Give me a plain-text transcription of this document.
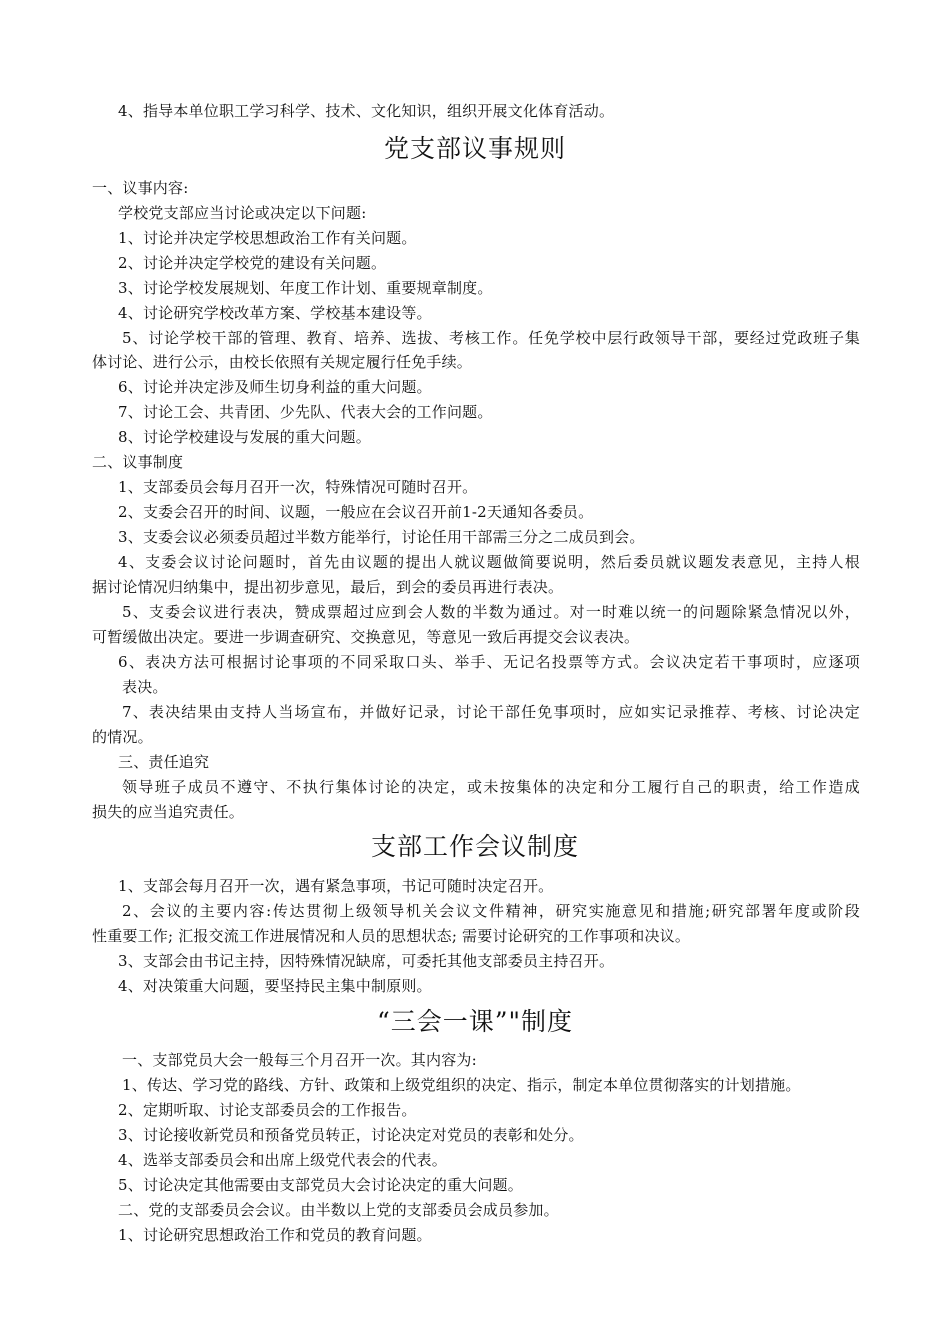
4、指导本单位职工学习科学、技术、文化知识，组织开展文化体育活动。
党支部议事规则
一、议事内容:
学校党支部应当讨论或决定以下问题:
1、讨论并决定学校思想政治工作有关问题。
2、讨论并决定学校党的建设有关问题。
3、讨论学校发展规划、年度工作计划、重要规章制度。
4、讨论研究学校改革方案、学校基本建设等。
5、讨论学校干部的管理、教育、培养、选拔、考核工作。任免学校中层行政领导干部，要经过党政班子集
体讨论、进行公示，由校长依照有关规定履行任免手续。
6、讨论并决定涉及师生切身利益的重大问题。
7、讨论工会、共青团、少先队、代表大会的工作问题。
8、讨论学校建设与发展的重大问题。
二、议事制度
1、支部委员会每月召开一次，特殊情况可随时召开。
2、支委会召开的时间、议题，一般应在会议召开前1-2天通知各委员。
3、支委会议必须委员超过半数方能举行，讨论任用干部需三分之二成员到会。
4、支委会议讨论问题时，首先由议题的提出人就议题做简要说明，然后委员就议题发表意见，主持人根
据讨论情况归纳集中，提出初步意见，最后，到会的委员再进行表决。
5、支委会议进行表决，赞成票超过应到会人数的半数为通过。对一时难以统一的问题除紧急情况以外，
可暂缓做出决定。要进一步调查研究、交换意见，等意见一致后再提交会议表决。
6、表决方法可根据讨论事项的不同采取口头、举手、无记名投票等方式。会议决定若干事项时，应逐项
表决。
7、表决结果由支持人当场宣布，并做好记录，讨论干部任免事项时，应如实记录推荐、考核、讨论决定
的情况。
三、责任追究
领导班子成员不遵守、不执行集体讨论的决定，或未按集体的决定和分工履行自己的职责，给工作造成
损失的应当追究责任。
支部工作会议制度
1、支部会每月召开一次，遇有紧急事项，书记可随时决定召开。
2、会议的主要内容:传达贯彻上级领导机关会议文件精神，研究实施意见和措施;研究部署年度或阶段
性重要工作; 汇报交流工作进展情况和人员的思想状态; 需要讨论研究的工作事项和决议。
3、支部会由书记主持，因特殊情况缺席，可委托其他支部委员主持召开。
4、对决策重大问题，要坚持民主集中制原则。
“三会一课”"制度
一、支部党员大会一般每三个月召开一次。其内容为:
1、传达、学习党的路线、方针、政策和上级党组织的决定、指示，制定本单位贯彻落实的计划措施。
2、定期听取、讨论支部委员会的工作报告。
3、讨论接收新党员和预备党员转正，讨论决定对党员的表彰和处分。
4、选举支部委员会和出席上级党代表会的代表。
5、讨论决定其他需要由支部党员大会讨论决定的重大问题。
二、党的支部委员会会议。由半数以上党的支部委员会成员参加。
1、讨论研究思想政治工作和党员的教育问题。
